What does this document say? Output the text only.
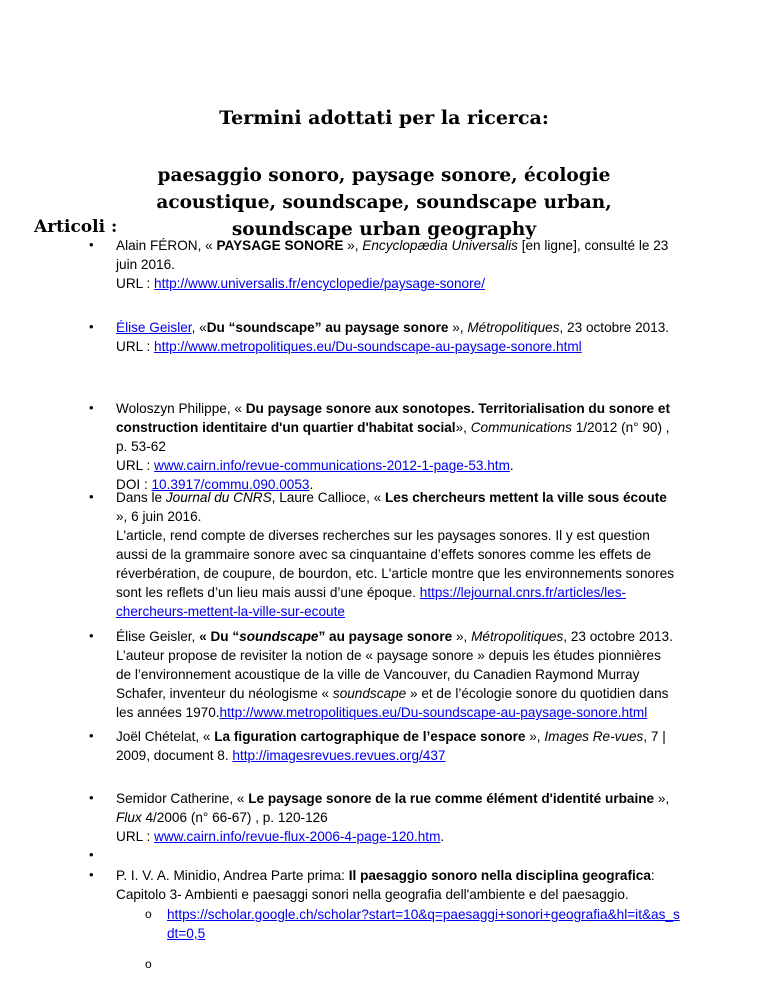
Termini adottati per la ricerca:
paesaggio sonoro, paysage sonore, écologie acoustique, soundscape, soundscape urban, soundscape urban geography
Articoli :
• Alain FÉRON, « PAYSAGE SONORE », Encyclopædia Universalis [en ligne], consulté le 23 juin 2016.
URL : http://www.universalis.fr/encyclopedie/paysage-sonore/
• Élise Geisler, «Du “soundscape” au paysage sonore », Métropolitiques, 23 octobre 2013.
URL : http://www.metropolitiques.eu/Du-soundscape-au-paysage-sonore.html
• Woloszyn Philippe, « Du paysage sonore aux sonotopes. Territorialisation du sonore et construction identitaire d'un quartier d'habitat social», Communications 1/2012 (n° 90) , p. 53-62
URL : www.cairn.info/revue-communications-2012-1-page-53.htm.
DOI : 10.3917/commu.090.0053.
• Dans le Journal du CNRS, Laure Callioce, « Les chercheurs mettent la ville sous écoute », 6 juin 2016.
L'article, rend compte de diverses recherches sur les paysages sonores. Il y est question aussi de la grammaire sonore avec sa cinquantaine d’effets sonores comme les effets de réverbération, de coupure, de bourdon, etc. L'article montre que les environnements sonores sont les reflets d’un lieu mais aussi d’une époque. https://lejournal.cnrs.fr/articles/les-chercheurs-mettent-la-ville-sur-ecoute
• Élise Geisler, « Du “soundscape” au paysage sonore », Métropolitiques, 23 octobre 2013.
L’auteur propose de revisiter la notion de « paysage sonore » depuis les études pionnières de l’environnement acoustique de la ville de Vancouver, du Canadien Raymond Murray Schafer, inventeur du néologisme « soundscape » et de l’écologie sonore du quotidien dans les années 1970.http://www.metropolitiques.eu/Du-soundscape-au-paysage-sonore.html
• Joël Chételat, « La figuration cartographique de l’espace sonore », Images Re-vues, 7 | 2009, document 8. http://imagesrevues.revues.org/437
• Semidor Catherine, « Le paysage sonore de la rue comme élément d'identité urbaine », Flux 4/2006 (n° 66-67) , p. 120-126
URL : www.cairn.info/revue-flux-2006-4-page-120.htm.
•
• P. I. V. A. Minidio, Andrea Parte prima: Il paesaggio sonoro nella disciplina geografica: Capitolo 3- Ambienti e paesaggi sonori nella geografia dell'ambiente e del paesaggio.
o https://scholar.google.ch/scholar?start=10&q=paesaggi+sonori+geografia&hl=it&as_sdt=0,5
o
